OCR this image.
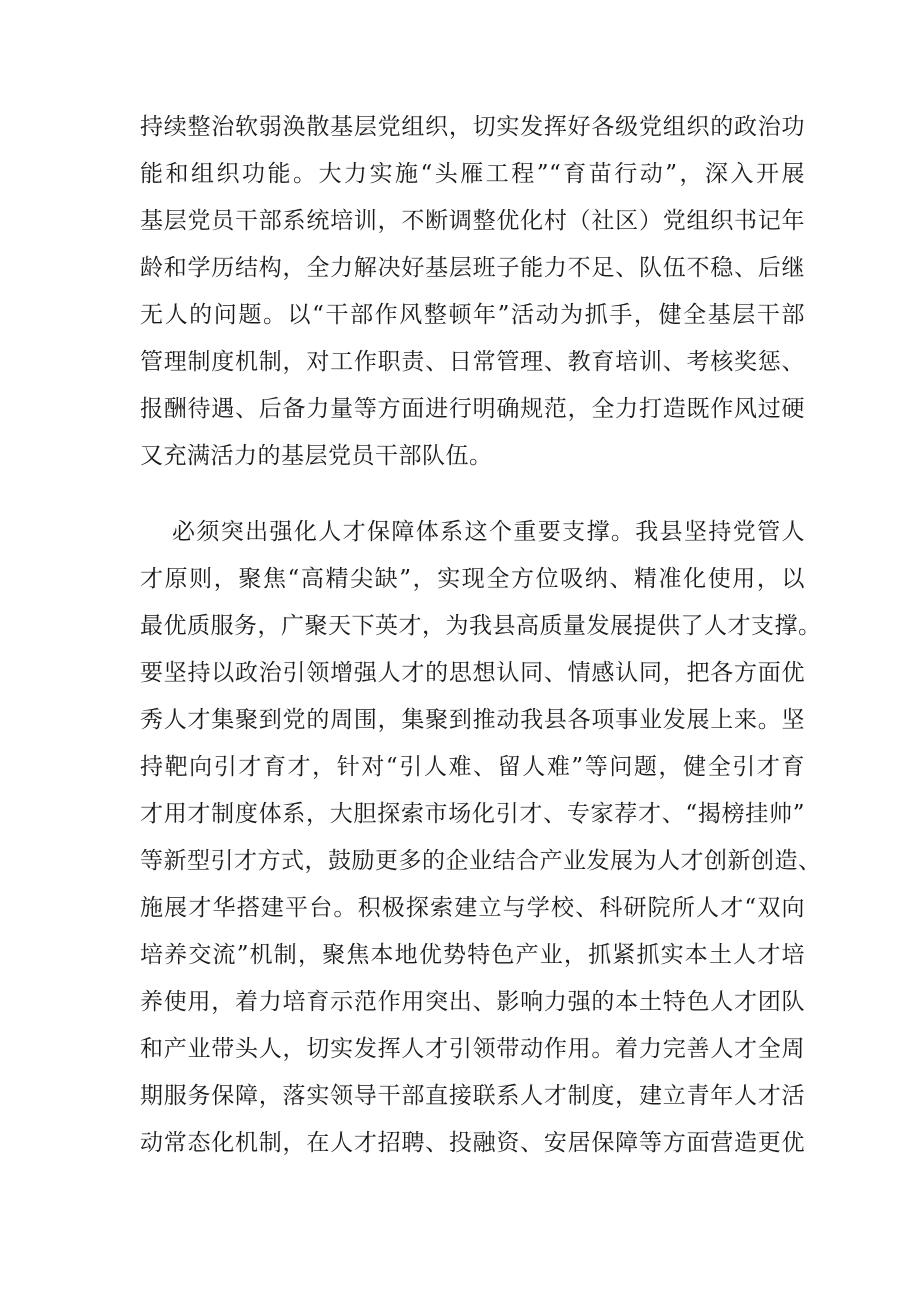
持续整治软弱涣散基层党组织，切实发挥好各级党组织的政治功
能和组织功能。大力实施“头雁工程”“育苗行动”，深入开展
基层党员干部系统培训，不断调整优化村（社区）党组织书记年
龄和学历结构，全力解决好基层班子能力不足、队伍不稳、后继
无人的问题。以“干部作风整顿年”活动为抓手，健全基层干部
管理制度机制，对工作职责、日常管理、教育培训、考核奖惩、
报酬待遇、后备力量等方面进行明确规范，全力打造既作风过硬
又充满活力的基层党员干部队伍。
必须突出强化人才保障体系这个重要支撑。我县坚持党管人
才原则，聚焦“高精尖缺”，实现全方位吸纳、精准化使用，以
最优质服务，广聚天下英才，为我县高质量发展提供了人才支撑。
要坚持以政治引领增强人才的思想认同、情感认同，把各方面优
秀人才集聚到党的周围，集聚到推动我县各项事业发展上来。坚
持靶向引才育才，针对“引人难、留人难”等问题，健全引才育
才用才制度体系，大胆探索市场化引才、专家荐才、“揭榜挂帅”
等新型引才方式，鼓励更多的企业结合产业发展为人才创新创造、
施展才华搭建平台。积极探索建立与学校、科研院所人才“双向
培养交流”机制，聚焦本地优势特色产业，抓紧抓实本土人才培
养使用，着力培育示范作用突出、影响力强的本土特色人才团队
和产业带头人，切实发挥人才引领带动作用。着力完善人才全周
期服务保障，落实领导干部直接联系人才制度，建立青年人才活
动常态化机制，在人才招聘、投融资、安居保障等方面营造更优
